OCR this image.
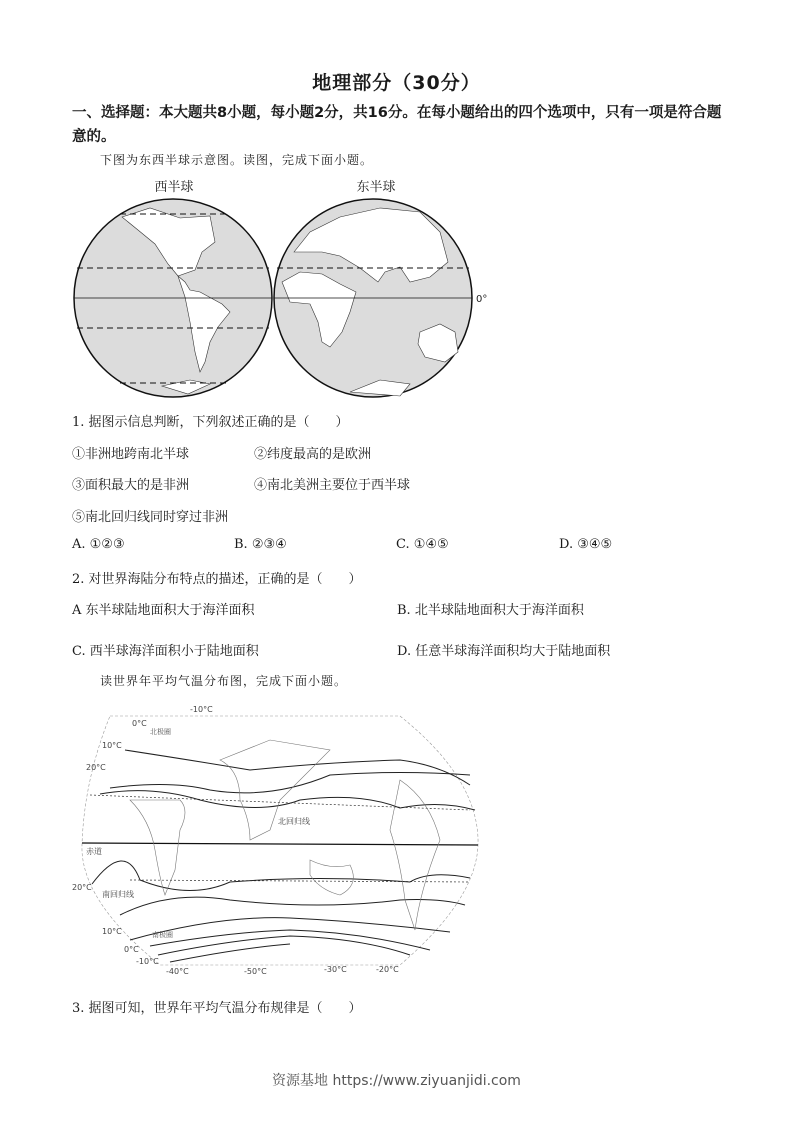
地理部分（30分）
一、选择题：本大题共8小题，每小题2分，共16分。在每小题给出的四个选项中，只有一项是符合题意的。
下图为东西半球示意图。读图，完成下面小题。
西半球	东半球
0°
1. 据图示信息判断，下列叙述正确的是（　　）
①非洲地跨南北半球	②纬度最高的是欧洲
③面积最大的是非洲	④南北美洲主要位于西半球
⑤南北回归线同时穿过非洲
A. ①②③	B. ②③④	C. ①④⑤	D. ③④⑤
2. 对世界海陆分布特点的描述，正确的是（　　）
A 东半球陆地面积大于海洋面积	B. 北半球陆地面积大于海洋面积
C. 西半球海洋面积小于陆地面积	D. 任意半球海洋面积均大于陆地面积
读世界年平均气温分布图，完成下面小题。
-10°C
0°C
北极圈
10°C
20°C
北回归线
赤道
20°C
南回归线
10°C	南极圈
0°C
-10°C
-40°C	-50°C	-30°C	-20°C
3. 据图可知，世界年平均气温分布规律是（　　）
资源基地 https://www.ziyuanjidi.com
